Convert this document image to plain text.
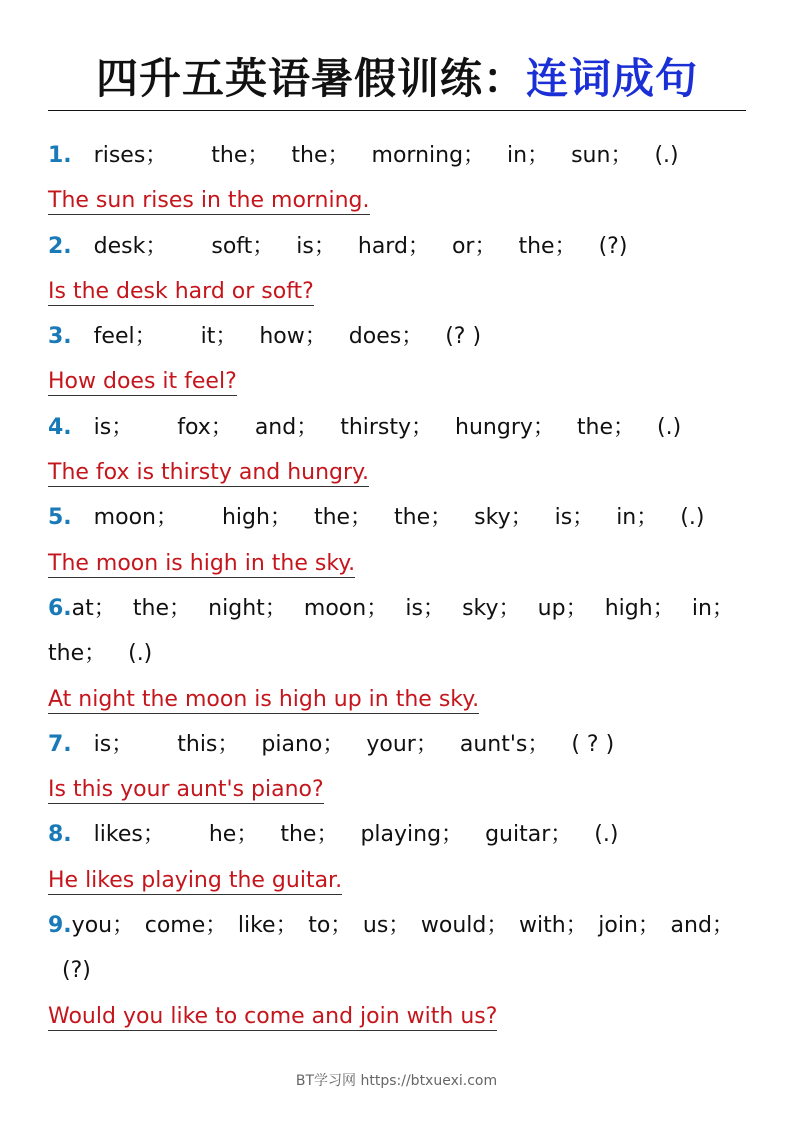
四升五英语暑假训练：连词成句
1. rises；	the； the； morning； in； sun； (.)
The sun rises in the morning.
2. desk；	soft； is； hard； or； the； (?)
Is the desk hard or soft?
3. feel；	it； how； does； (? )
How does it feel?
4. is；	fox； and； thirsty； hungry； the； (.)
The fox is thirsty and hungry.
5. moon；	high； the； the； sky； is； in； (.)
The moon is high in the sky.
6.at； the； night； moon； is； sky； up； high； in；
the； (.)
At night the moon is high up in the sky.
7. is；	this； piano； your； aunt's； ( ? )
Is this your aunt's piano?
8. likes；	he； the； playing； guitar； (.)
He likes playing the guitar.
9.you； come； like； to； us； would； with； join； and；
(?)
Would you like to come and join with us?
BT学习网 https://btxuexi.com
